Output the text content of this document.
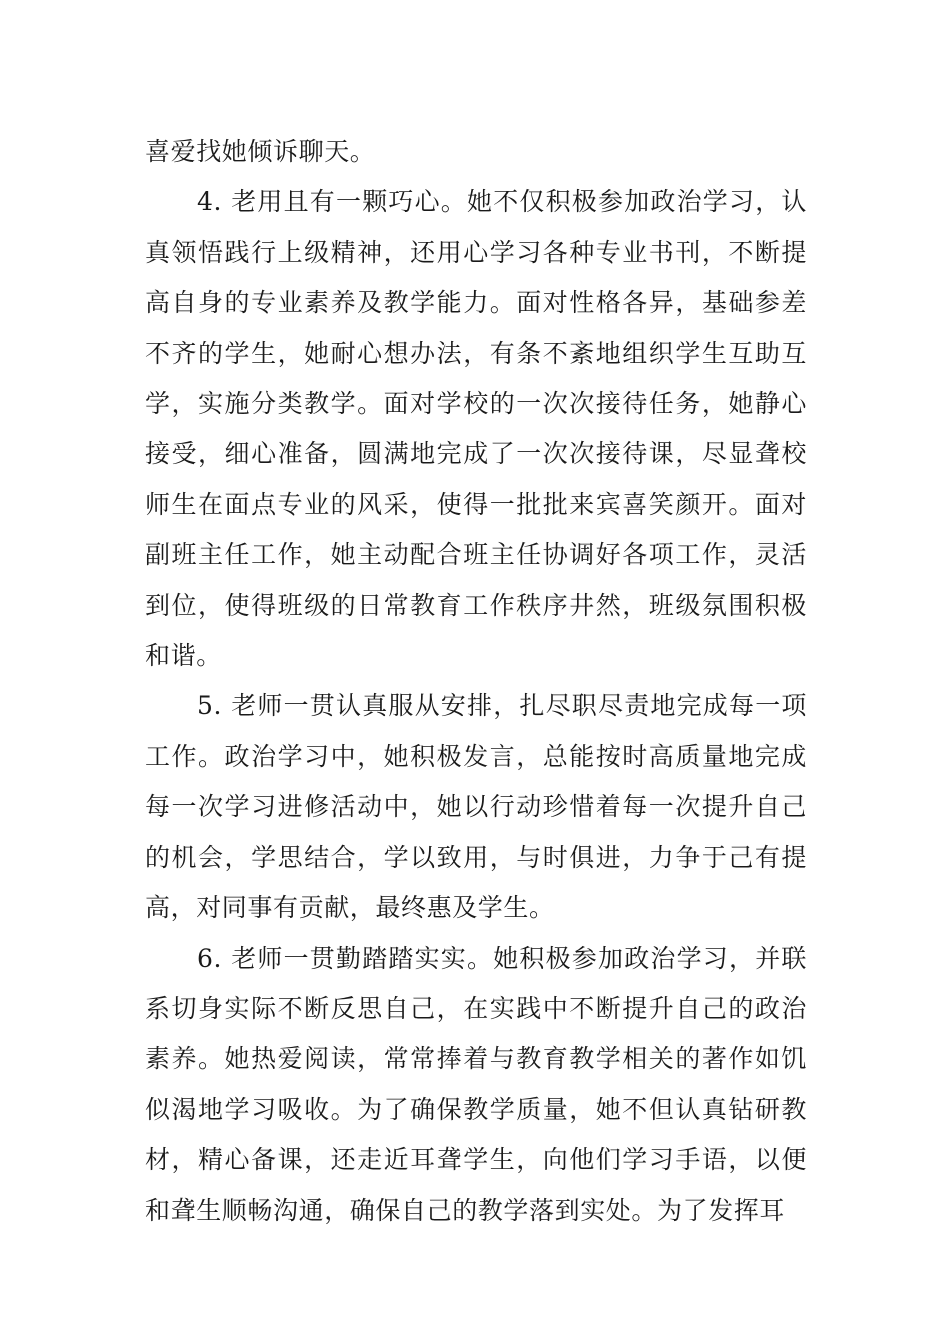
喜爱找她倾诉聊天。

4. 老用且有一颗巧心。她不仅积极参加政治学习，认真领悟践行上级精神，还用心学习各种专业书刊，不断提高自身的专业素养及教学能力。面对性格各异，基础参差不齐的学生，她耐心想办法，有条不紊地组织学生互助互学，实施分类教学。面对学校的一次次接待任务，她静心接受，细心准备，圆满地完成了一次次接待课，尽显聋校师生在面点专业的风采，使得一批批来宾喜笑颜开。面对副班主任工作，她主动配合班主任协调好各项工作，灵活到位，使得班级的日常教育工作秩序井然，班级氛围积极和谐。

5. 老师一贯认真服从安排，扎尽职尽责地完成每一项工作。政治学习中，她积极发言，总能按时高质量地完成每一次学习进修活动中，她以行动珍惜着每一次提升自己的机会，学思结合，学以致用，与时俱进，力争于己有提高，对同事有贡献，最终惠及学生。

6. 老师一贯勤踏踏实实。她积极参加政治学习，并联系切身实际不断反思自己，在实践中不断提升自己的政治素养。她热爱阅读，常常捧着与教育教学相关的著作如饥似渴地学习吸收。为了确保教学质量，她不但认真钻研教材，精心备课，还走近耳聋学生，向他们学习手语，以便和聋生顺畅沟通，确保自己的教学落到实处。为了发挥耳
